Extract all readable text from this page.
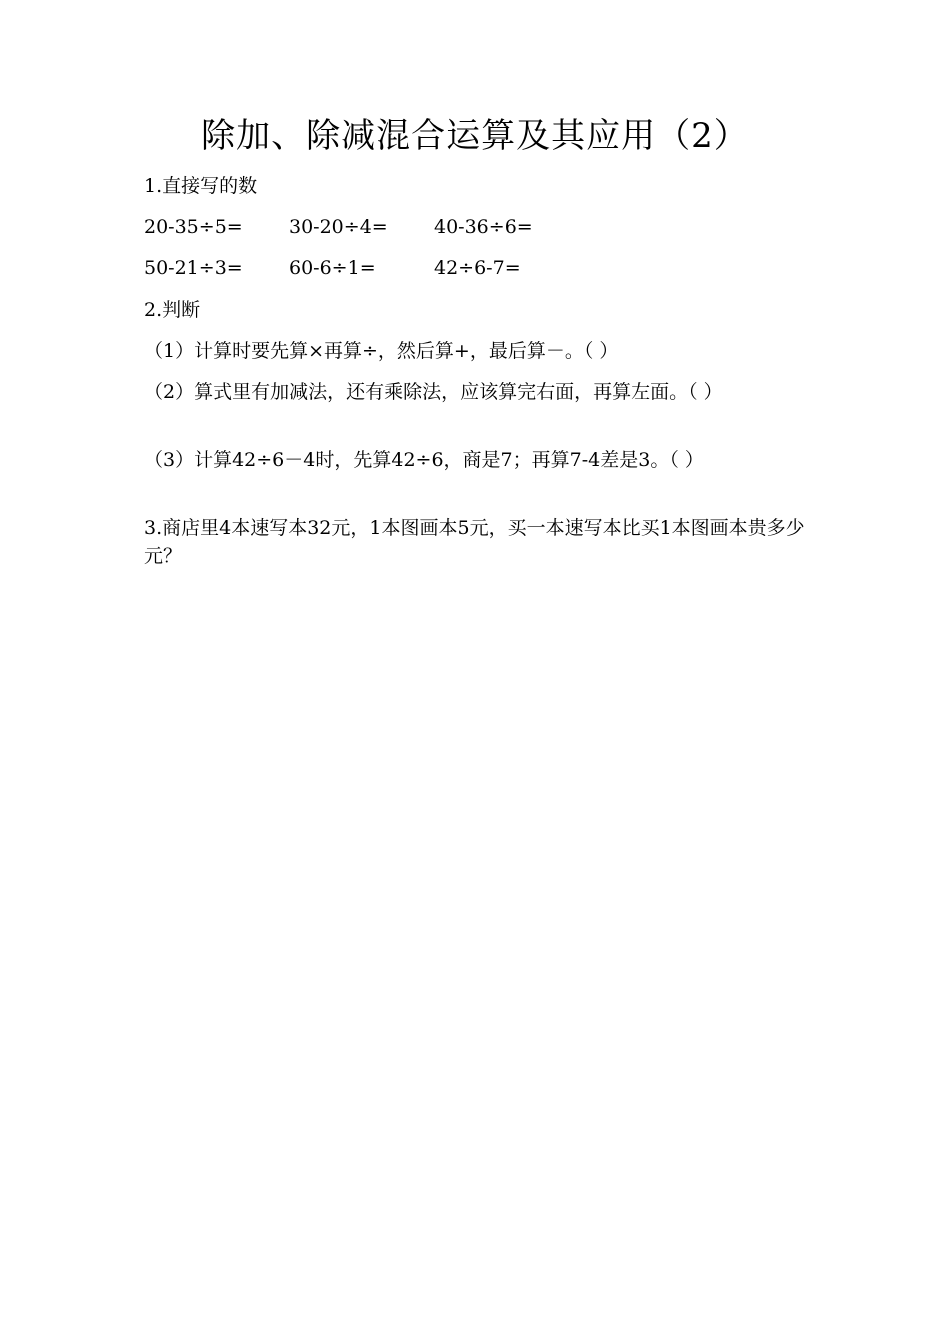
除加、除减混合运算及其应用（2）
1.直接写的数
20-35÷5= 30-20÷4= 40-36÷6=
50-21÷3= 60-6÷1=	42÷6-7=
2.判断
（1）计算时要先算×再算÷，然后算+，最后算－。（ ）
（2）算式里有加减法，还有乘除法，应该算完右面，再算左面。（ ）
（3）计算42÷6－4时，先算42÷6，商是7；再算7-4差是3。（ ）
3.商店里4本速写本32元，1本图画本5元，买一本速写本比买1本图画本贵多少元？
